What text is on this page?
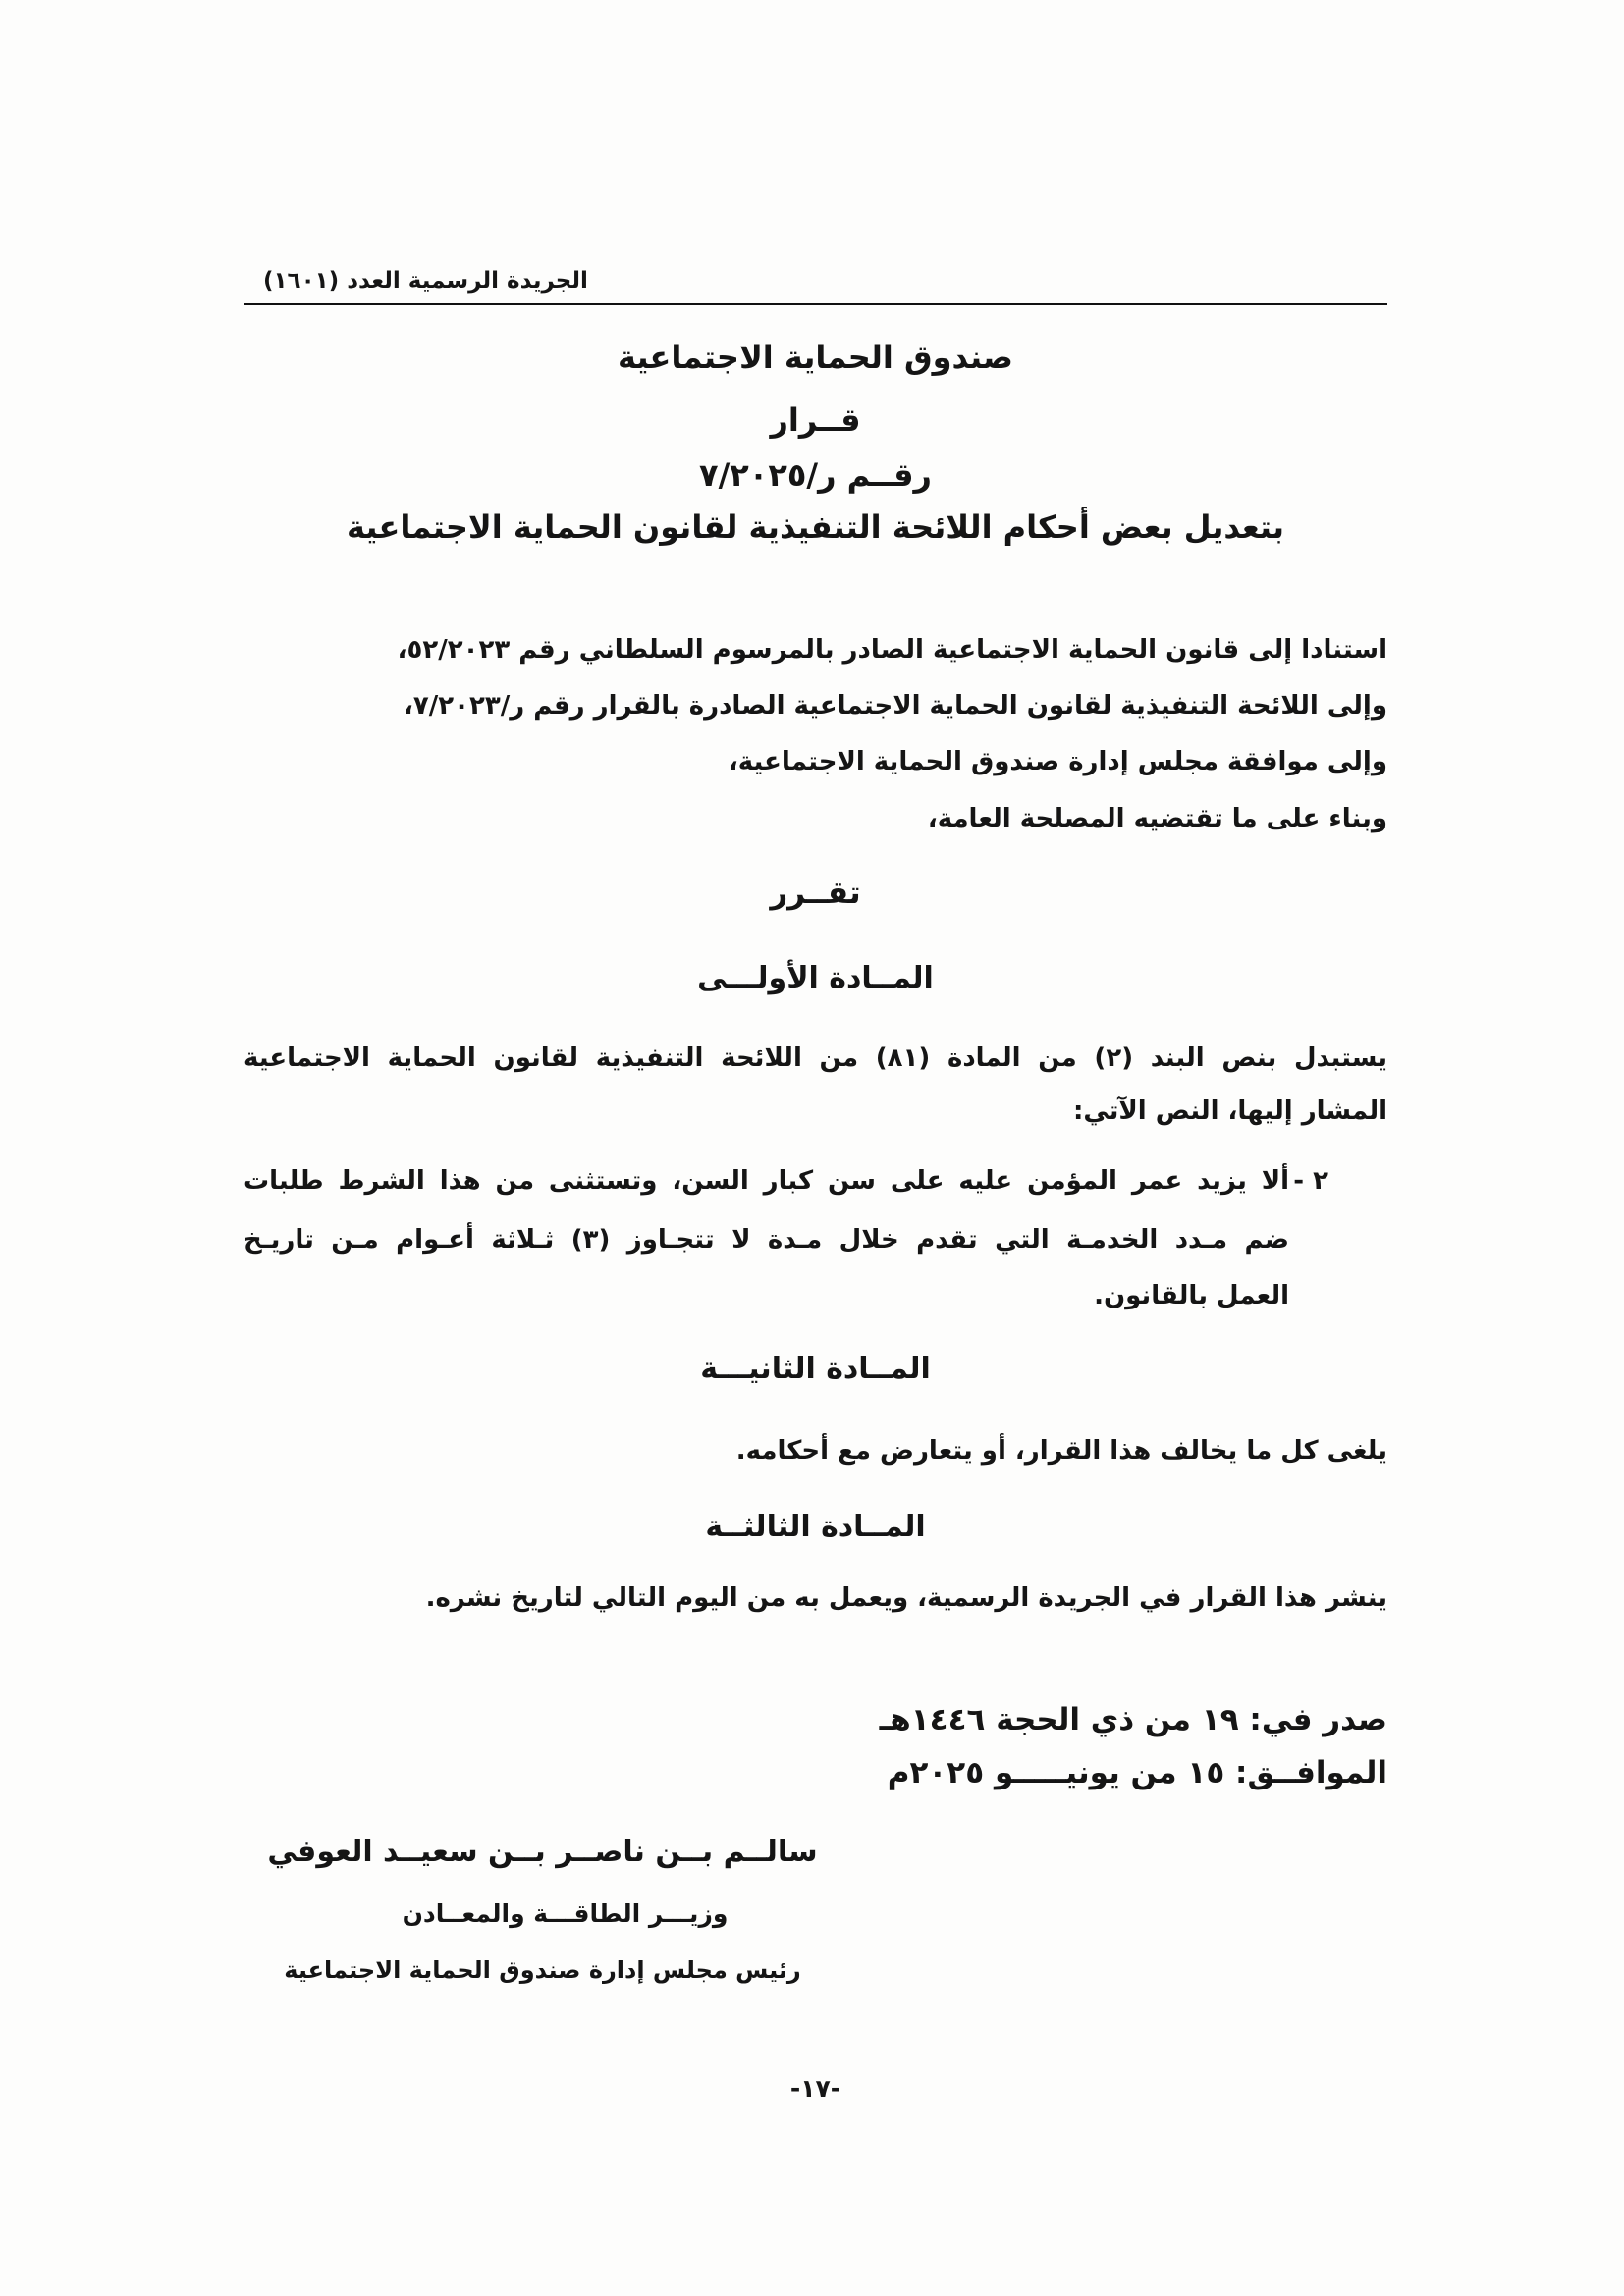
الجريدة الرسمية العدد (١٦٠١)
صندوق الحماية الاجتماعية
قــرار
رقــم ر/٧/٢٠٢٥
بتعديل بعض أحكام اللائحة التنفيذية لقانون الحماية الاجتماعية
استنادا إلى قانون الحماية الاجتماعية الصادر بالمرسوم السلطاني رقم ٥٢/٢٠٢٣،
وإلى اللائحة التنفيذية لقانون الحماية الاجتماعية الصادرة بالقرار رقم ر/٧/٢٠٢٣،
وإلى موافقة مجلس إدارة صندوق الحماية الاجتماعية،
وبناء على ما تقتضيه المصلحة العامة،
تقــرر
المــادة الأولـــى
يستبدل بنص البند (٢) من المادة (٨١) من اللائحة التنفيذية لقانون الحماية الاجتماعية
المشار إليها، النص الآتي:
٢ -
ألا يزيد عمر المؤمن عليه على سن كبار السن، وتستثنى من هذا الشرط طلبات
ضم مـدد الخدمـة التي تقدم خلال مـدة لا تتجـاوز (٣) ثـلاثة أعـوام مـن تاريـخ
العمل بالقانون.
المــادة الثانيـــة
يلغى كل ما يخالف هذا القرار، أو يتعارض مع أحكامه.
المــادة الثالثــة
ينشر هذا القرار في الجريدة الرسمية، ويعمل به من اليوم التالي لتاريخ نشره.
صدر في: ١٩ من ذي الحجة ١٤٤٦هـ
الموافــق: ١٥ من يونيـــــو ٢٠٢٥م
سالــم بــن ناصــر بــن سعيــد العوفي
وزيـــر الطاقـــة والمعــادن
رئيس مجلس إدارة صندوق الحماية الاجتماعية
-١٧-
